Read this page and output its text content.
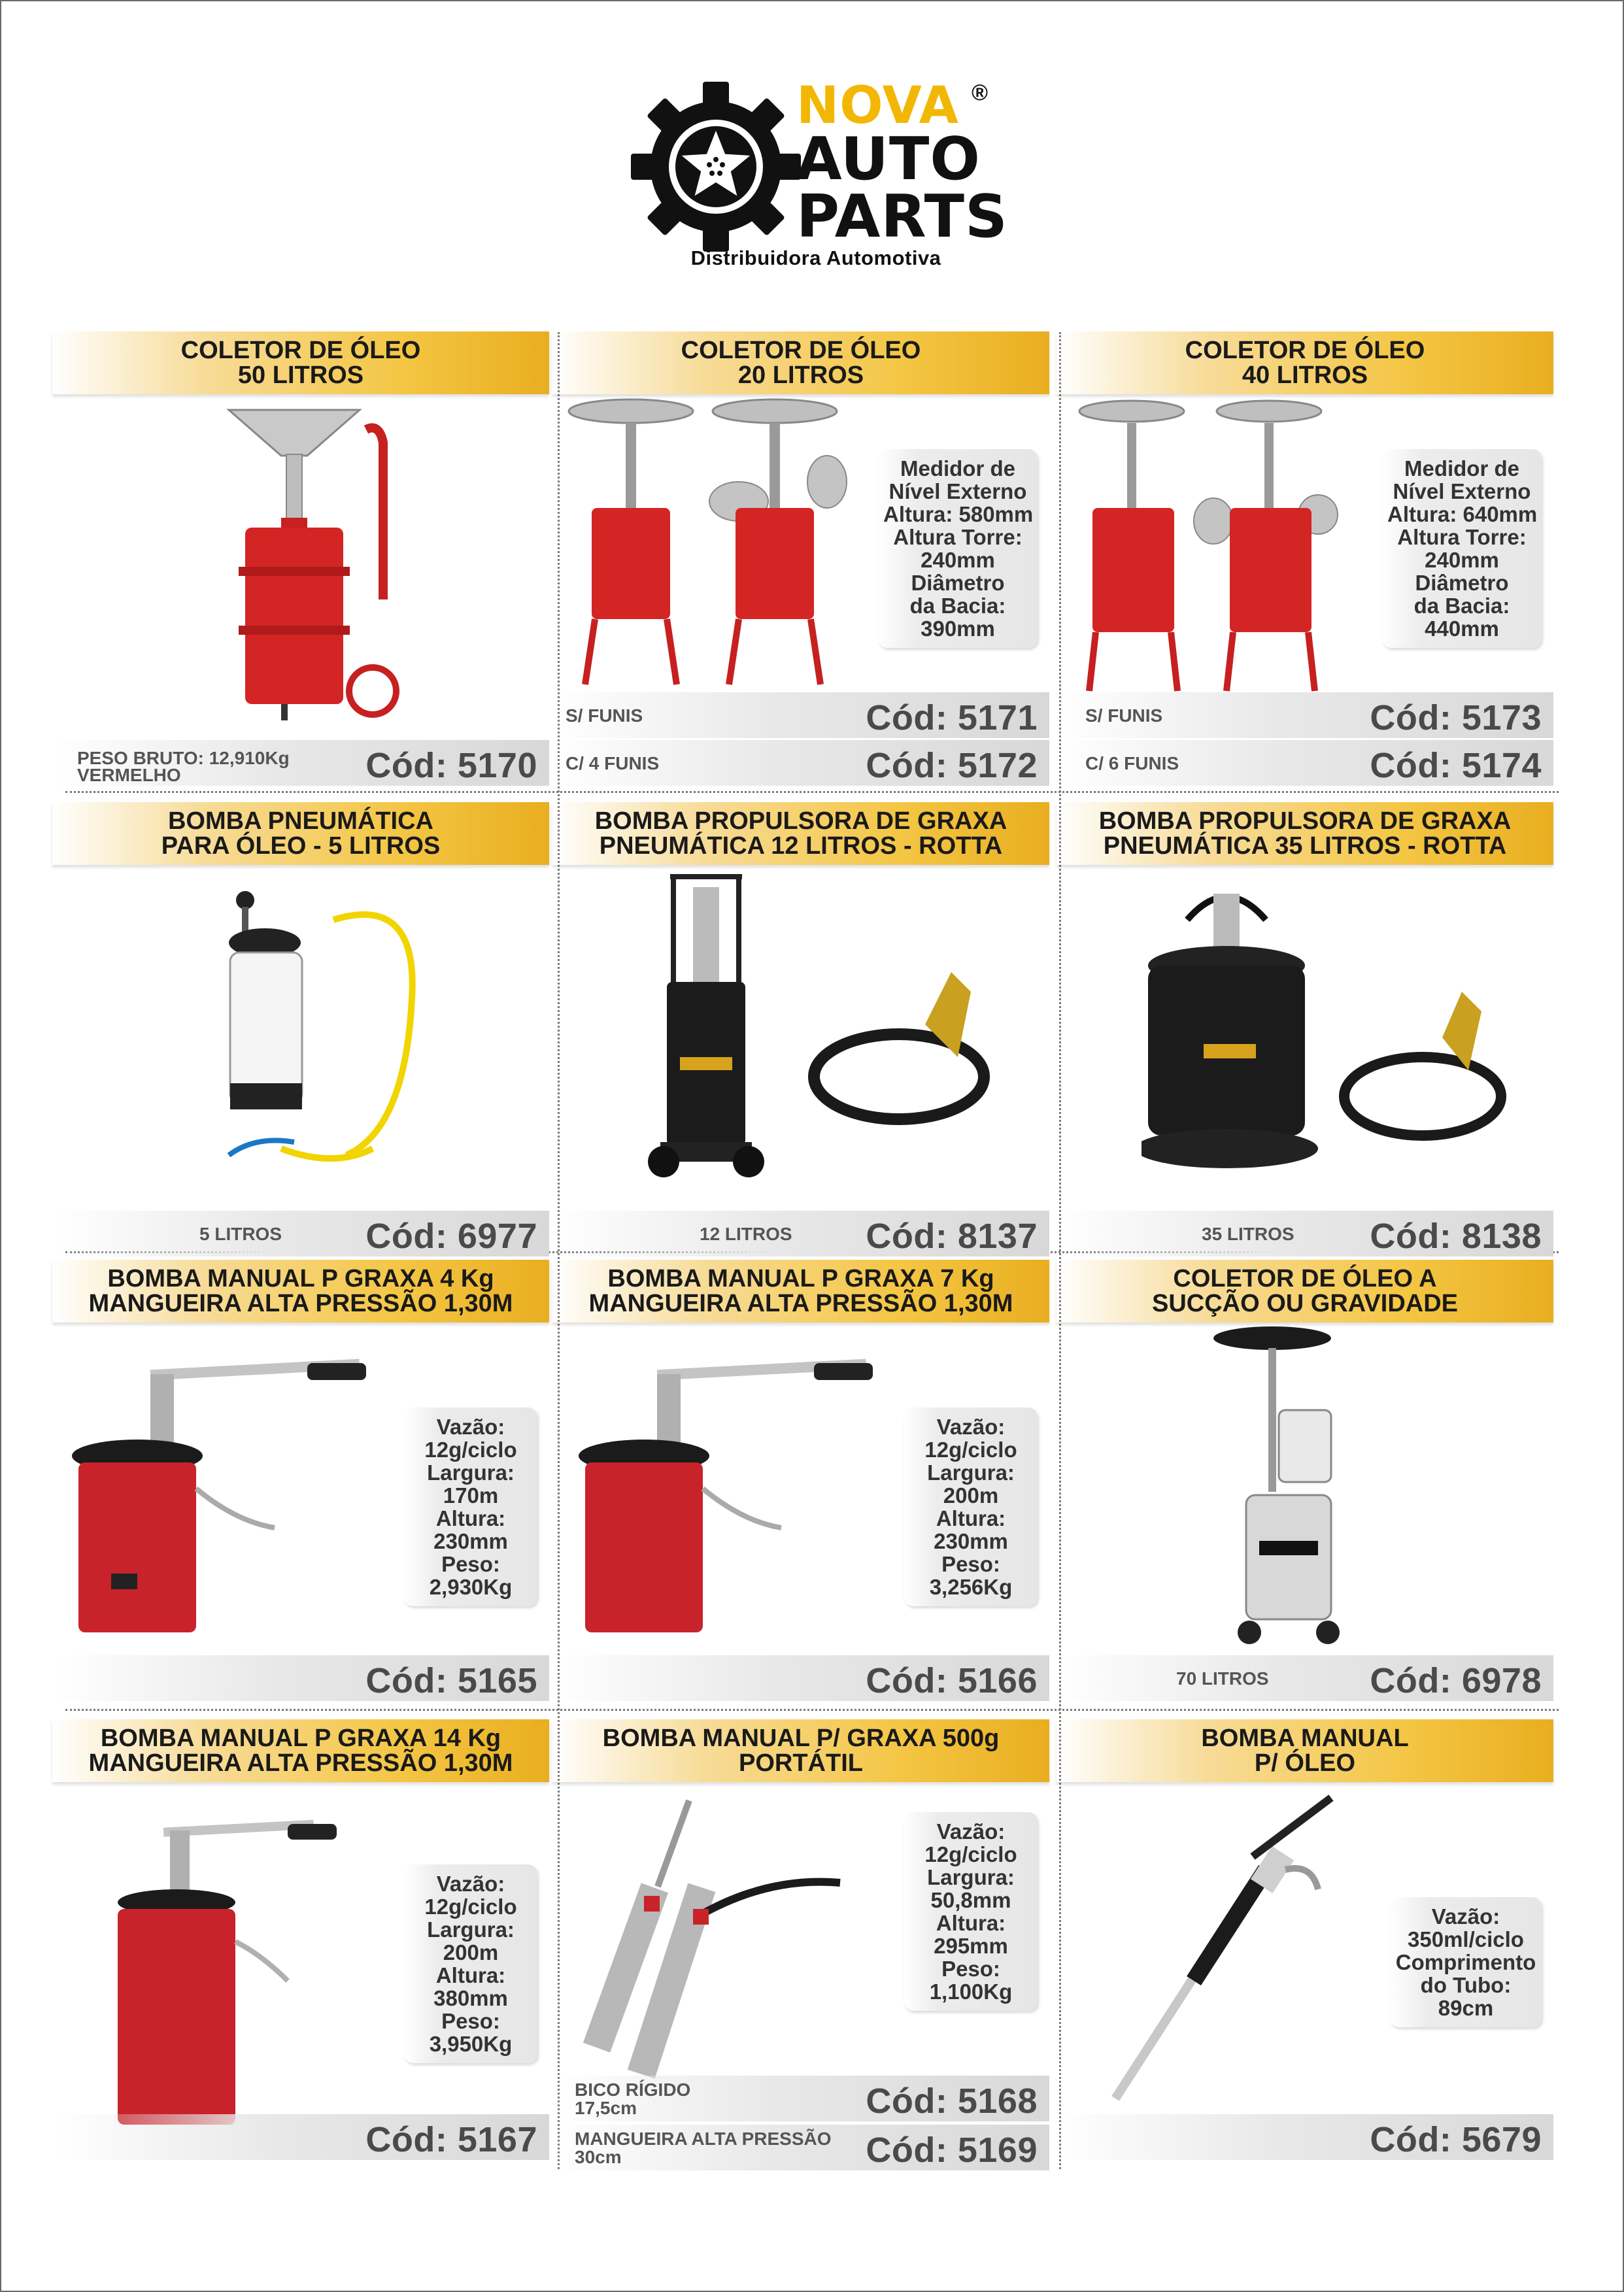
NOVA ®
AUTO
PARTS
Distribuidora Automotiva
COLETOR DE ÓLEO
50 LITROS
PESO BRUTO: 12,910Kg
VERMELHO	Cód: 5170
COLETOR DE ÓLEO
20 LITROS
Medidor de
Nível Externo
Altura: 580mm
Altura Torre:
240mm
Diâmetro
da Bacia:
390mm
S/ FUNIS	Cód: 5171
C/ 4 FUNIS	Cód: 5172
COLETOR DE ÓLEO
40 LITROS
Medidor de
Nível Externo
Altura: 640mm
Altura Torre:
240mm
Diâmetro
da Bacia:
440mm
S/ FUNIS	Cód: 5173
C/ 6 FUNIS	Cód: 5174
BOMBA PNEUMÁTICA
PARA ÓLEO - 5 LITROS
5 LITROS Cód: 6977
BOMBA PROPULSORA DE GRAXA
PNEUMÁTICA 12 LITROS - ROTTA
12 LITROS Cód: 8137
BOMBA PROPULSORA DE GRAXA
PNEUMÁTICA 35 LITROS - ROTTA
35 LITROS Cód: 8138
BOMBA MANUAL P GRAXA 4 Kg
MANGUEIRA ALTA PRESSÃO 1,30M
Vazão:
12g/ciclo
Largura:
170m
Altura:
230mm
Peso:
2,930Kg
Cód: 5165
BOMBA MANUAL P GRAXA 7 Kg
MANGUEIRA ALTA PRESSÃO 1,30M
Vazão:
12g/ciclo
Largura:
200m
Altura:
230mm
Peso:
3,256Kg
Cód: 5166
COLETOR DE ÓLEO A
SUCÇÃO OU GRAVIDADE
70 LITROS	Cód: 6978
BOMBA MANUAL P GRAXA 14 Kg
MANGUEIRA ALTA PRESSÃO 1,30M
Vazão:
12g/ciclo
Largura:
200m
Altura:
380mm
Peso:
3,950Kg
Cód: 5167
BOMBA MANUAL P/ GRAXA 500g
PORTÁTIL
Vazão:
12g/ciclo
Largura:
50,8mm
Altura:
295mm
Peso:
1,100Kg
BICO RÍGIDO
17,5cm	Cód: 5168
MANGUEIRA ALTA PRESSÃO
30cm	Cód: 5169
BOMBA MANUAL
P/ ÓLEO
Vazão:
350ml/ciclo
Comprimento
do Tubo:
89cm
Cód: 5679
